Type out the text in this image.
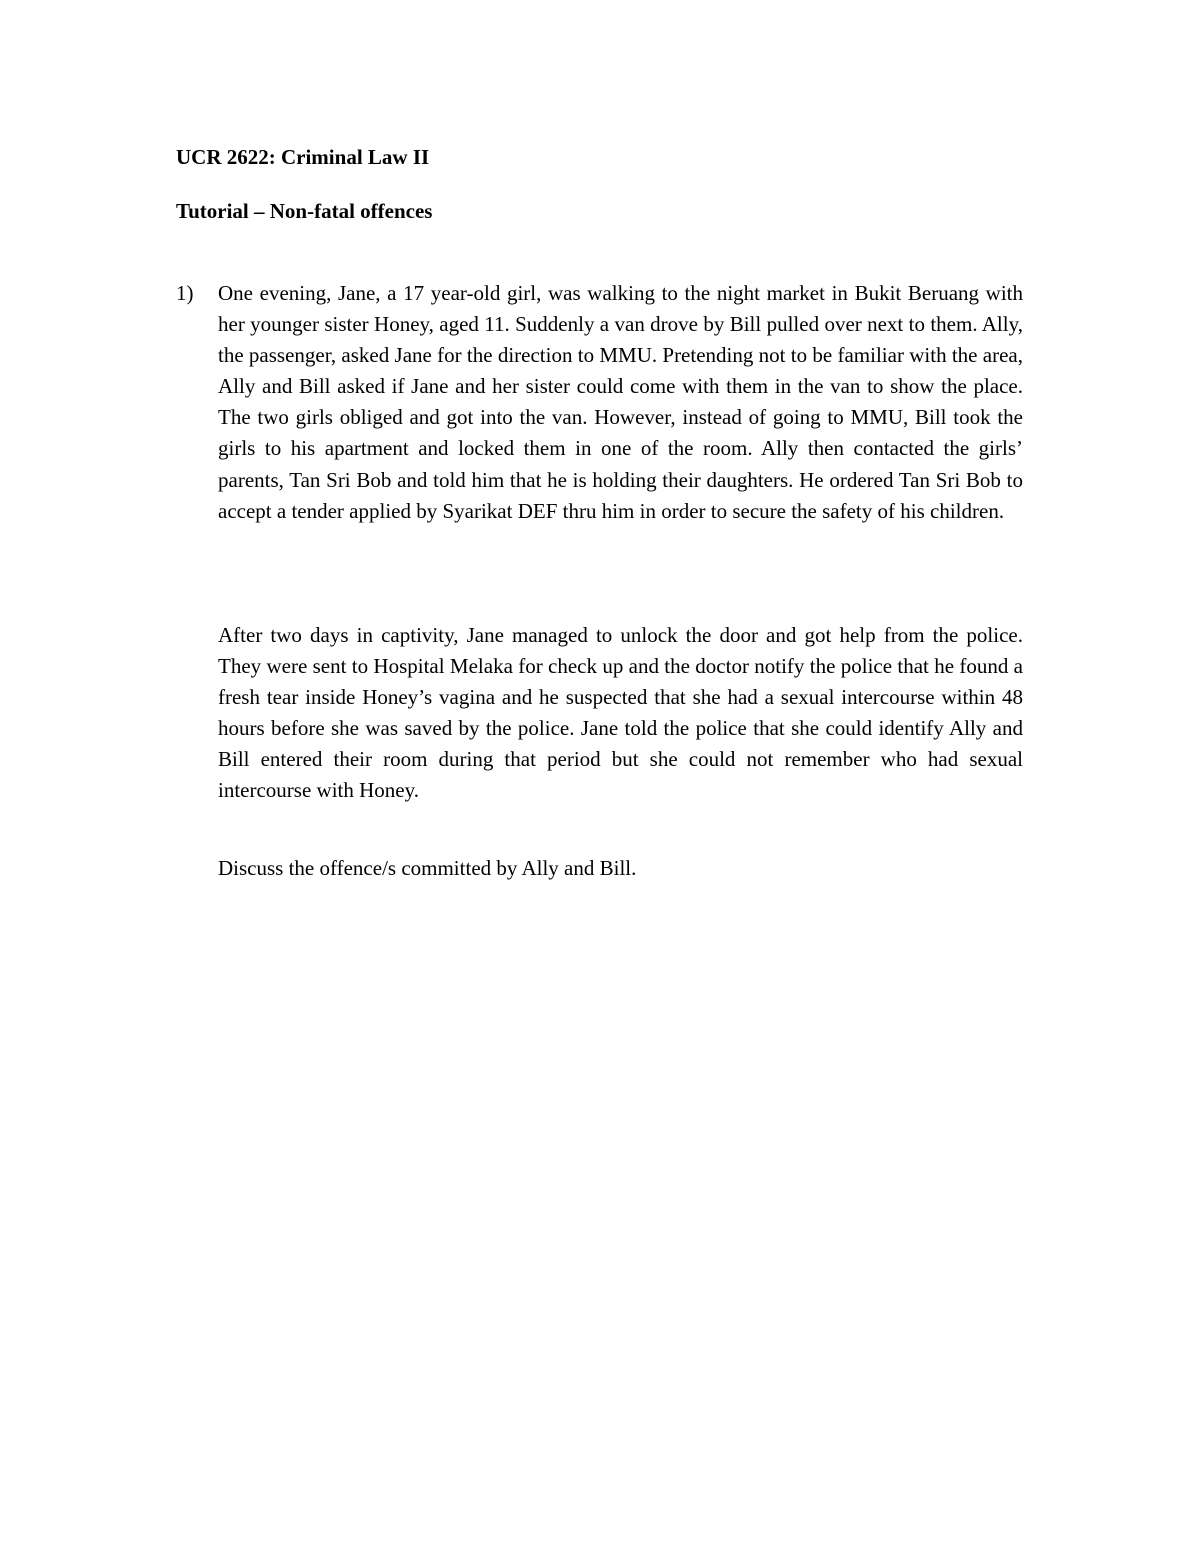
UCR 2622: Criminal Law II
Tutorial – Non-fatal offences
1) One evening, Jane, a 17 year-old girl, was walking to the night market in Bukit Beruang with her younger sister Honey, aged 11. Suddenly a van drove by Bill pulled over next to them. Ally, the passenger, asked Jane for the direction to MMU. Pretending not to be familiar with the area, Ally and Bill asked if Jane and her sister could come with them in the van to show the place. The two girls obliged and got into the van. However, instead of going to MMU, Bill took the girls to his apartment and locked them in one of the room. Ally then contacted the girls’ parents, Tan Sri Bob and told him that he is holding their daughters. He ordered Tan Sri Bob to accept a tender applied by Syarikat DEF thru him in order to secure the safety of his children.

After two days in captivity, Jane managed to unlock the door and got help from the police. They were sent to Hospital Melaka for check up and the doctor notify the police that he found a fresh tear inside Honey’s vagina and he suspected that she had a sexual intercourse within 48 hours before she was saved by the police. Jane told the police that she could identify Ally and Bill entered their room during that period but she could not remember who had sexual intercourse with Honey.

Discuss the offence/s committed by Ally and Bill.
